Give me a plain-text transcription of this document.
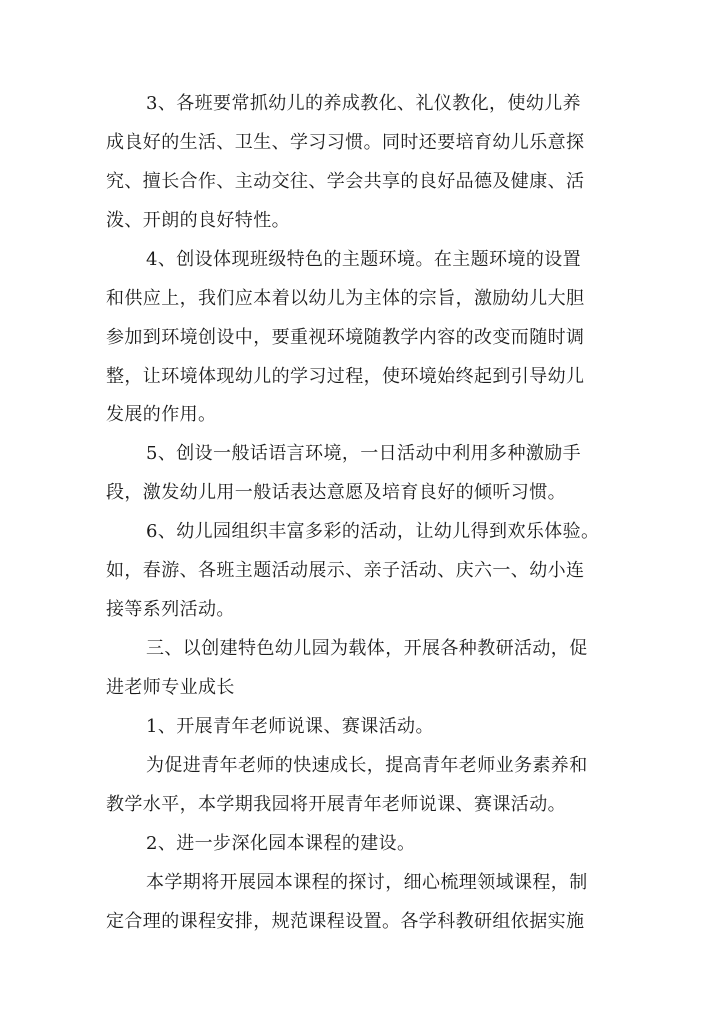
3、各班要常抓幼儿的养成教化、礼仪教化，使幼儿养
成良好的生活、卫生、学习习惯。同时还要培育幼儿乐意探
究、擅长合作、主动交往、学会共享的良好品德及健康、活
泼、开朗的良好特性。
4、创设体现班级特色的主题环境。在主题环境的设置
和供应上，我们应本着以幼儿为主体的宗旨，激励幼儿大胆
参加到环境创设中，要重视环境随教学内容的改变而随时调
整，让环境体现幼儿的学习过程，使环境始终起到引导幼儿
发展的作用。
5、创设一般话语言环境，一日活动中利用多种激励手
段，激发幼儿用一般话表达意愿及培育良好的倾听习惯。
6、幼儿园组织丰富多彩的活动，让幼儿得到欢乐体验。
如，春游、各班主题活动展示、亲子活动、庆六一、幼小连
接等系列活动。
三、以创建特色幼儿园为载体，开展各种教研活动，促
进老师专业成长
1、开展青年老师说课、赛课活动。
为促进青年老师的快速成长，提高青年老师业务素养和
教学水平，本学期我园将开展青年老师说课、赛课活动。
2、进一步深化园本课程的建设。
本学期将开展园本课程的探讨，细心梳理领域课程，制
定合理的课程安排，规范课程设置。各学科教研组依据实施
